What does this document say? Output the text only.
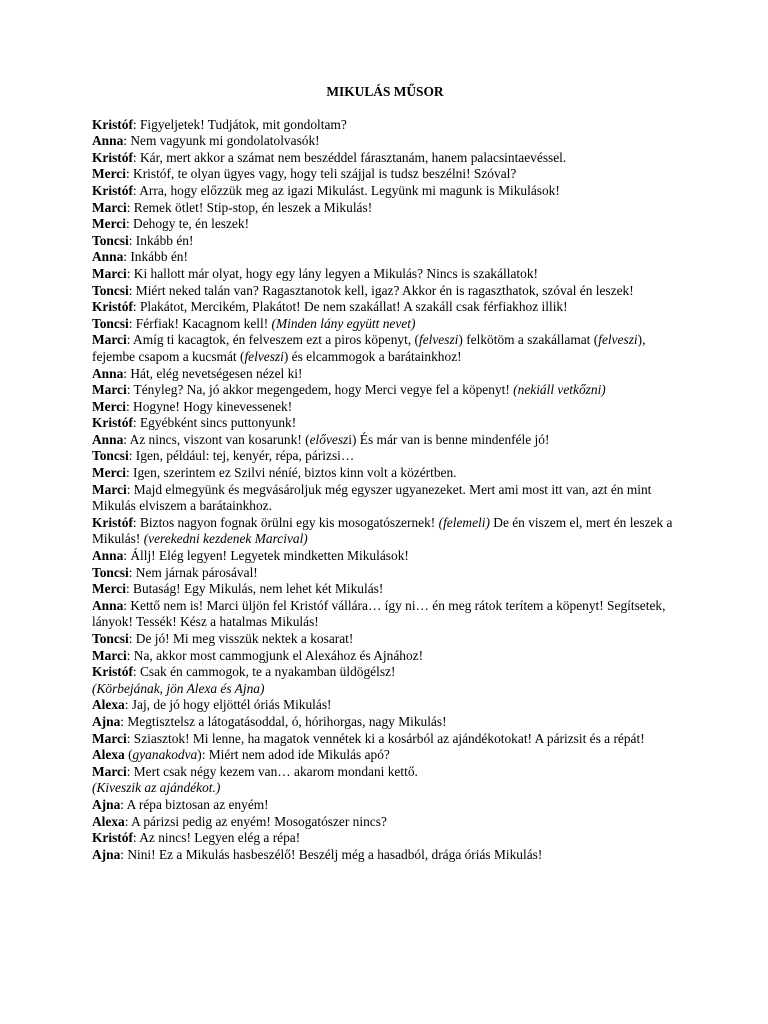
MIKULÁS MŰSOR

Kristóf: Figyeljetek! Tudjátok, mit gondoltam?

Anna: Nem vagyunk mi gondolatolvasók!

Kristóf: Kár, mert akkor a számat nem beszéddel fárasztanám, hanem palacsintaevéssel.

Merci: Kristóf, te olyan ügyes vagy, hogy teli szájjal is tudsz beszélni! Szóval?

Kristóf: Arra, hogy előzzük meg az igazi Mikulást. Legyünk mi magunk is Mikulások!

Marci: Remek ötlet! Stip-stop, én leszek a Mikulás!

Merci: Dehogy te, én leszek!

Toncsi: Inkább én!

Anna: Inkább én!

Marci: Ki hallott már olyat, hogy egy lány legyen a Mikulás? Nincs is szakállatok!

Toncsi: Miért neked talán van? Ragasztanotok kell, igaz? Akkor én is ragaszthatok, szóval én leszek!

Kristóf: Plakátot, Mercikém, Plakátot! De nem szakállat! A szakáll csak férfiakhoz illik!

Toncsi: Férfiak! Kacagnom kell! (Minden lány együtt nevet)

Marci: Amíg ti kacagtok, én felveszem ezt a piros köpenyt, (felveszi) felkötöm a szakállamat (felveszi), fejembe csapom a kucsmát (felveszi) és elcammogok a barátainkhoz!

Anna: Hát, elég nevetségesen nézel ki!

Marci: Tényleg? Na, jó akkor megengedem, hogy Merci vegye fel a köpenyt! (nekiáll vetkőzni)

Merci: Hogyne! Hogy kinevessenek!

Kristóf: Egyébként sincs puttonyunk!

Anna: Az nincs, viszont van kosarunk! (előveszi) És már van is benne mindenféle jó!

Toncsi: Igen, például: tej, kenyér, répa, párizsi…

Merci: Igen, szerintem ez Szilvi néníé, biztos kinn volt a közértben.

Marci: Majd elmegyünk és megvásároljuk még egyszer ugyanezeket. Mert ami most itt van, azt én mint Mikulás elviszem a barátainkhoz.

Kristóf: Biztos nagyon fognak örülni egy kis mosogatószernek! (felemeli) De én viszem el, mert én leszek a Mikulás! (verekedni kezdenek Marcival)

Anna: Állj! Elég legyen! Legyetek mindketten Mikulások!

Toncsi: Nem járnak párosával!

Merci: Butaság! Egy Mikulás, nem lehet két Mikulás!

Anna: Kettő nem is! Marci üljön fel Kristóf vállára… így ni… én meg rátok terítem a köpenyt! Segítsetek, lányok! Tessék! Kész a hatalmas Mikulás!

Toncsi: De jó! Mi meg visszük nektek a kosarat!

Marci: Na, akkor most cammogjunk el Alexához és Ajnához!

Kristóf: Csak én cammogok, te a nyakamban üldögélsz!

(Körbejának, jön Alexa és Ajna)

Alexa: Jaj, de jó hogy eljöttél óriás Mikulás!

Ajna: Megtisztelsz a látogatásoddal, ó, hórihorgas, nagy Mikulás!

Marci: Sziasztok! Mi lenne, ha magatok vennétek ki a kosárból az ajándékotokat! A párizsit és a répát!

Alexa (gyanakodva): Miért nem adod ide Mikulás apó?

Marci: Mert csak négy kezem van… akarom mondani kettő.

(Kiveszik az ajándékot.)

Ajna: A répa biztosan az enyém!

Alexa: A párizsi pedig az enyém! Mosogatószer nincs?

Kristóf: Az nincs! Legyen elég a répa!

Ajna: Nini! Ez a Mikulás hasbeszélő! Beszélj még a hasadból, drága óriás Mikulás!
